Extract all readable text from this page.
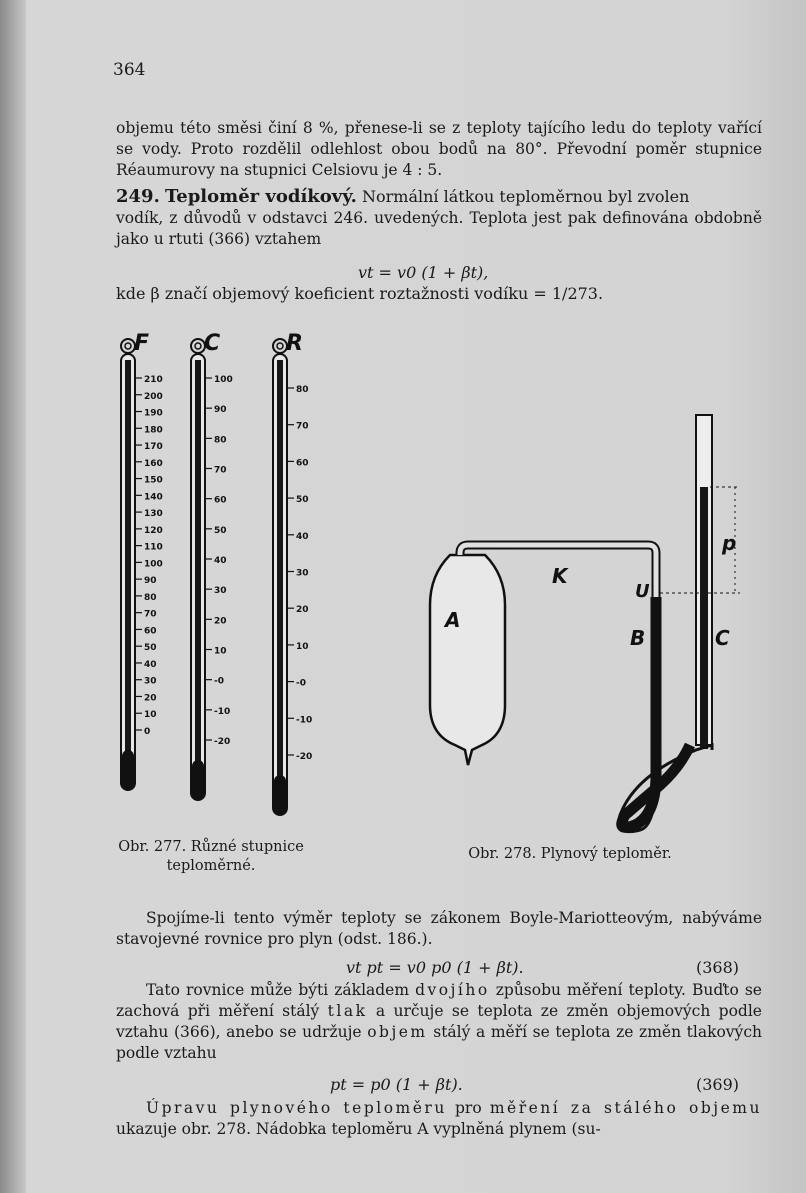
364
objemu této směsi činí 8 %, přenese-li se z teploty tajícího ledu do teploty vařící se vody. Proto rozdělil odlehlost obou bodů na 80°. Převodní poměr stupnice Réaumurovy na stupnici Celsiovu je 4 : 5.
249. Teploměr vodíkový. Normální látkou teploměrnou byl zvolen
vodík, z důvodů v odstavci 246. uvedených. Teplota jest pak definována obdobně jako u rtuti (366) vztahem
vt = v0 (1 + βt),
kde β značí objemový koeficient roztažnosti vodíku = 1/273.
F
210
200
190
180
170
160
150
140
130
120
110
100
90
80
70
60
50
40
30
20
10
0
C
100
90
80
70
60
50
40
30
20
10
-0
-10
-20
R
80
70
60
50
40
30
20
10
-0
-10
-20
A
K
U
B	C
p
Obr. 277. Různé stupnice teploměrné.
Obr. 278. Plynový teploměr.
Spojíme-li tento výměr teploty se zákonem Boyle-Mariotteovým, nabýváme stavojevné rovnice pro plyn (odst. 186.).
vt pt = v0 p0 (1 + βt).	(368)
Tato rovnice může býti základem dvojího způsobu měření teploty. Buďto se zachová při měření stálý tlak a určuje se teplota ze změn objemových podle vztahu (366), anebo se udržuje objem stálý a měří se teplota ze změn tlakových podle vztahu
pt = p0 (1 + βt).	(369)
Úpravu plynového teploměru pro měření za stálého objemu ukazuje obr. 278. Nádobka teploměru A vyplněná plynem (su-
